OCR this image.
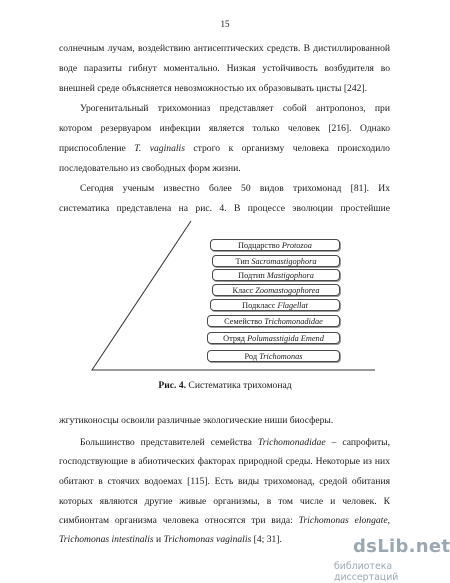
15
солнечным лучам, воздействию антисептических средств. В дистиллированной
воде паразиты гибнут моментально. Низкая устойчивость возбудителя во
внешней среде объясняется невозможностью их образовывать цисты [242].
Урогенитальный трихомониаз представляет собой антропоноз, при
котором резервуаром инфекции является только человек [216]. Однако
приспособление T. vaginalis строго к организму человека происходило
последовательно из свободных форм жизни.
Сегодня ученым известно более 50 видов трихомонад [81]. Их
систематика представлена на рис. 4. В процессе эволюции простейшие
Подцарство Protozoa
Тип Sacromastigophora
Подтип Mastigophora
Класс Zoomastogophorea
Подкласс Flagellat
Семейство Trichomonadidae
Отряд Polumasstigida Emend
Род Trichomonas
Рис. 4. Систематика трихомонад
жгутиконосцы освоили различные экологические ниши биосферы.
Большинство представителей семейства Trichomonadidae – сапрофиты,
господствующие в абиотических факторах природной среды. Некоторые из них
обитают в стоячих водоемах [115]. Есть виды трихомонад, средой обитания
которых являются другие живые организмы, в том числе и человек. К
симбионтам организма человека относятся три вида: Trichomonas elongate,
Trichomonas intestinalis и Trichomonas vaginalis [4; 31].	dsLib.net
библиотека диссертаций
